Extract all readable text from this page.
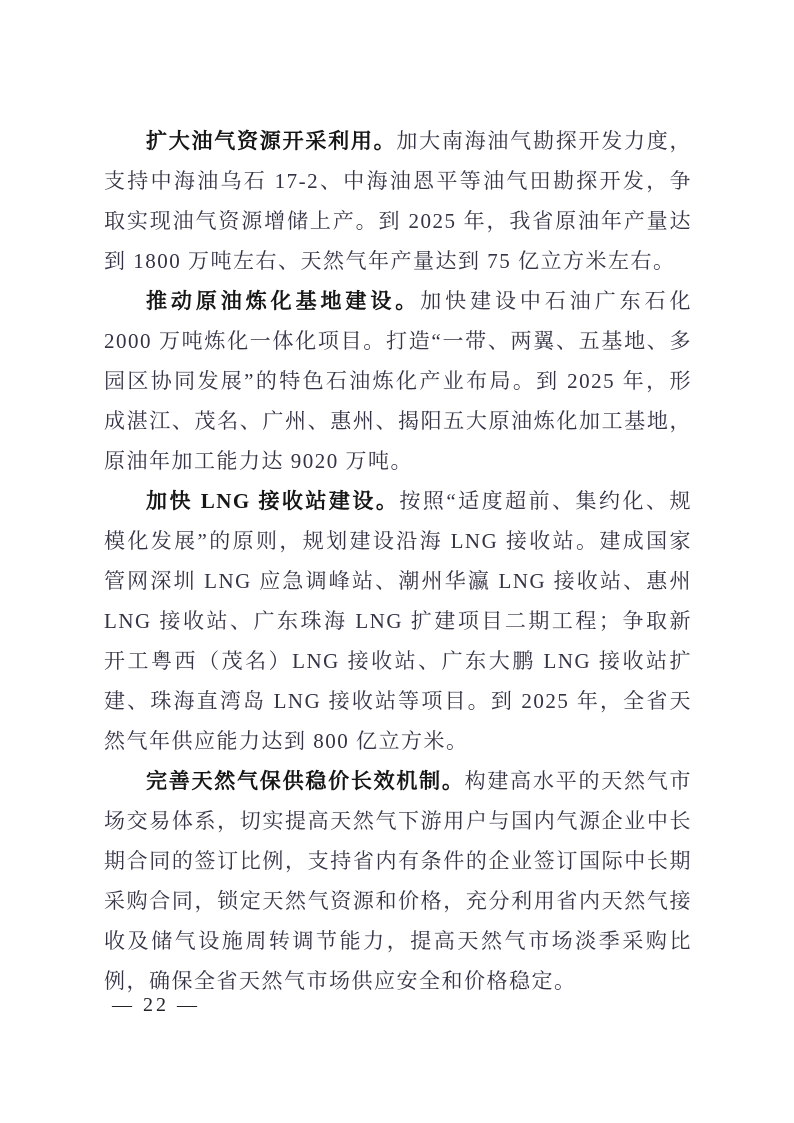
扩大油气资源开采利用。加大南海油气勘探开发力度，支持中海油乌石 17-2、中海油恩平等油气田勘探开发，争取实现油气资源增储上产。到 2025 年，我省原油年产量达到 1800 万吨左右、天然气年产量达到 75 亿立方米左右。

推动原油炼化基地建设。加快建设中石油广东石化 2000 万吨炼化一体化项目。打造“一带、两翼、五基地、多园区协同发展”的特色石油炼化产业布局。到 2025 年，形成湛江、茂名、广州、惠州、揭阳五大原油炼化加工基地，原油年加工能力达 9020 万吨。

加快 LNG 接收站建设。按照“适度超前、集约化、规模化发展”的原则，规划建设沿海 LNG 接收站。建成国家管网深圳 LNG 应急调峰站、潮州华瀛 LNG 接收站、惠州 LNG 接收站、广东珠海 LNG 扩建项目二期工程；争取新开工粤西（茂名）LNG 接收站、广东大鹏 LNG 接收站扩建、珠海直湾岛 LNG 接收站等项目。到 2025 年，全省天然气年供应能力达到 800 亿立方米。

完善天然气保供稳价长效机制。构建高水平的天然气市场交易体系，切实提高天然气下游用户与国内气源企业中长期合同的签订比例，支持省内有条件的企业签订国际中长期采购合同，锁定天然气资源和价格，充分利用省内天然气接收及储气设施周转调节能力，提高天然气市场淡季采购比例，确保全省天然气市场供应安全和价格稳定。

— 22 —
